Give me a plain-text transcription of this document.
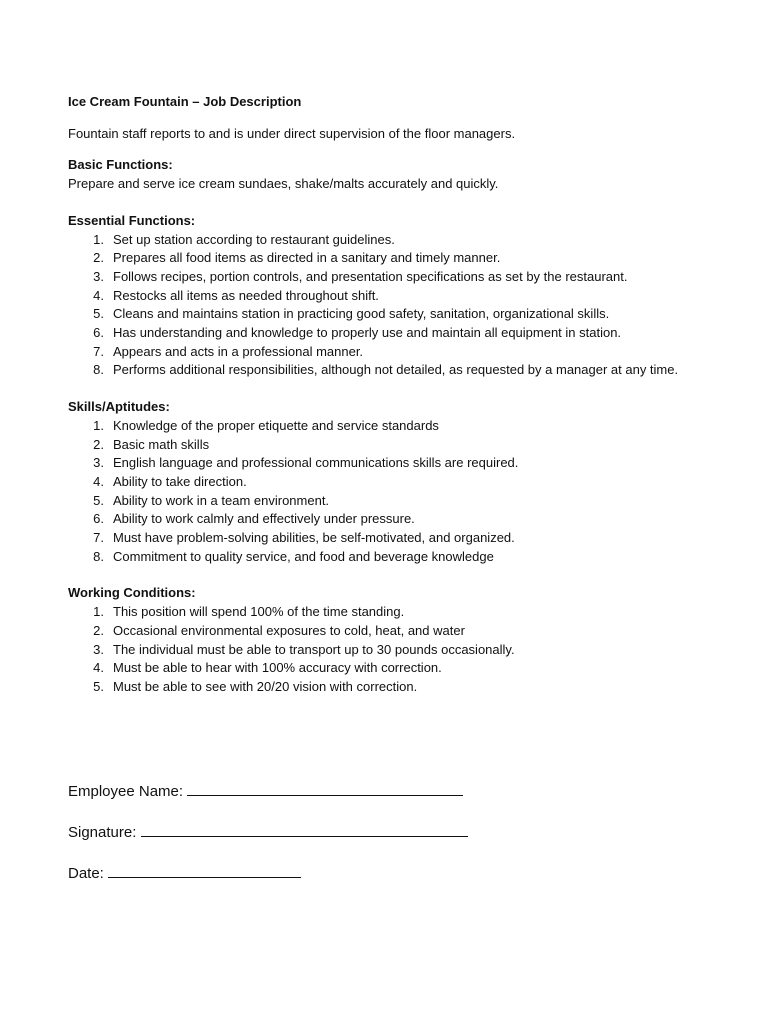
Ice Cream Fountain – Job Description

Fountain staff reports to and is under direct supervision of the floor managers.

Basic Functions:

Prepare and serve ice cream sundaes, shake/malts accurately and quickly.

Essential Functions:

1. Set up station according to restaurant guidelines.
2. Prepares all food items as directed in a sanitary and timely manner.
3. Follows recipes, portion controls, and presentation specifications as set by the restaurant.
4. Restocks all items as needed throughout shift.
5. Cleans and maintains station in practicing good safety, sanitation, organizational skills.
6. Has understanding and knowledge to properly use and maintain all equipment in station.
7. Appears and acts in a professional manner.
8. Performs additional responsibilities, although not detailed, as requested by a manager at any time.

Skills/Aptitudes:

1. Knowledge of the proper etiquette and service standards
2. Basic math skills
3. English language and professional communications skills are required.
4. Ability to take direction.
5. Ability to work in a team environment.
6. Ability to work calmly and effectively under pressure.
7. Must have problem-solving abilities, be self-motivated, and organized.
8. Commitment to quality service, and food and beverage knowledge

Working Conditions:

1. This position will spend 100% of the time standing.
2. Occasional environmental exposures to cold, heat, and water
3. The individual must be able to transport up to 30 pounds occasionally.
4. Must be able to hear with 100% accuracy with correction.
5. Must be able to see with 20/20 vision with correction.
Employee Name:
Signature:
Date:
